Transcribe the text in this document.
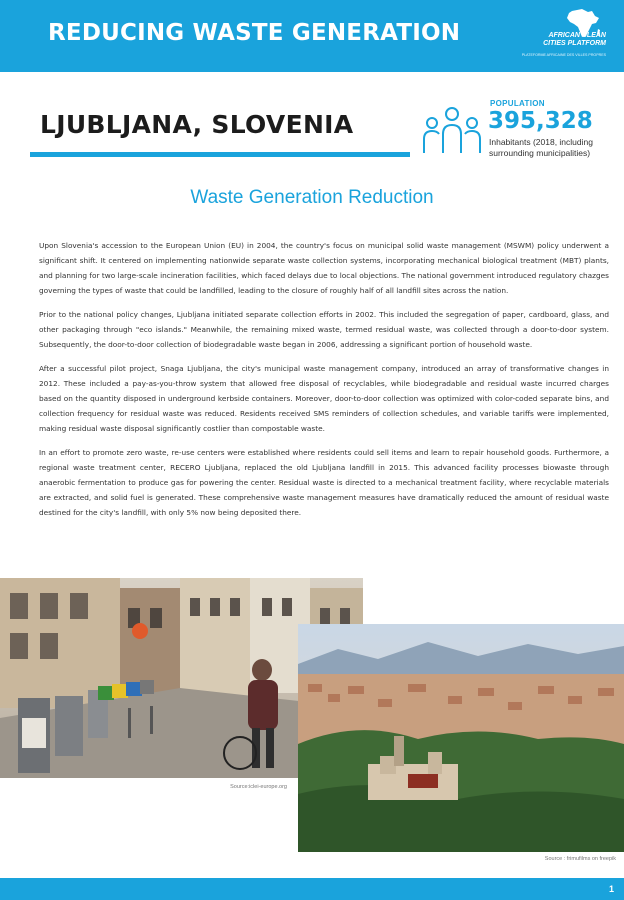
REDUCING WASTE GENERATION	AFRICAN CLEAN
CITIES PLATFORM
PLATEFORME AFRICAINE DES VILLES PROPRES
LJUBLJANA, SLOVENIA
POPULATION
395,328
Inhabitants (2018, including surrounding municipalities)
Waste Generation Reduction

Upon Slovenia's accession to the European Union (EU) in 2004, the country's focus on municipal solid waste management (MSWM) policy underwent a significant shift. It centered on implementing nationwide separate waste collection systems, incorporating mechanical biological treatment (MBT) plants, and planning for two large-scale incineration facilities, which faced delays due to local objections. The national government introduced regulatory chazges governing the types of waste that could be landfilled, leading to the closure of roughly half of all landfill sites across the nation.

Prior to the national policy changes, Ljubljana initiated separate collection efforts in 2002. This included the segregation of paper, cardboard, glass, and other packaging through "eco islands." Meanwhile, the remaining mixed waste, termed residual waste, was collected through a door-to-door system. Subsequently, the door-to-door collection of biodegradable waste began in 2006, addressing a significant portion of household waste.

After a successful pilot project, Snaga Ljubljana, the city's municipal waste management company, introduced an array of transformative changes in 2012. These included a pay-as-you-throw system that allowed free disposal of recyclables, while biodegradable and residual waste incurred charges based on the quantity disposed in underground kerbside containers. Moreover, door-to-door collection was optimized with color-coded separate bins, and collection frequency for residual waste was reduced. Residents received SMS reminders of collection schedules, and variable tariffs were implemented, making residual waste disposal significantly costlier than compostable waste.

In an effort to promote zero waste, re-use centers were established where residents could sell items and learn to repair household goods. Furthermore, a regional waste treatment center, RECERO Ljubljana, replaced the old Ljubljana landfill in 2015. This advanced facility processes biowaste through anaerobic fermentation to produce gas for powering the center. Residual waste is directed to a mechanical treatment facility, where recyclable materials are extracted, and solid fuel is generated. These comprehensive waste management measures have dramatically reduced the amount of residual waste destined for the city's landfill, with only 5% now being deposited there.

Source:iclei-europe.org
Source : frimufilms on freepik
1
